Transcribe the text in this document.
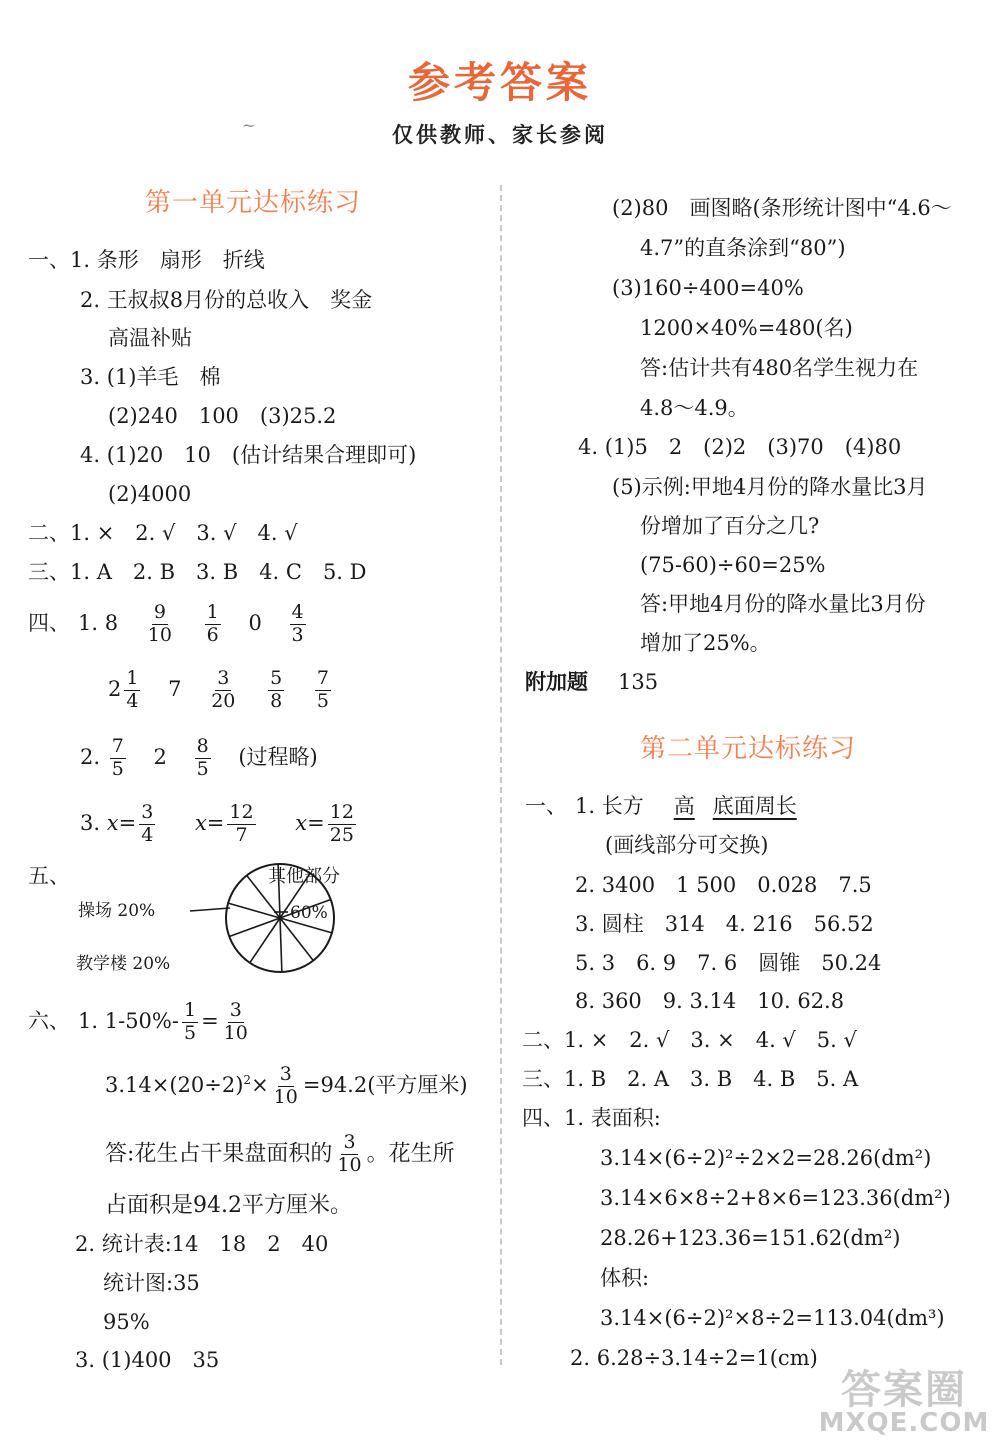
参考答案
仅供教师、家长参阅
~
第一单元达标练习
一、1. 条形　扇形　折线
2. 王叔叔8月份的总收入　奖金
高温补贴
3. (1)羊毛　棉
(2)240　100　(3)25.2
4. (1)20　10　(估计结果合理即可)
(2)4000
二、1. ×　2. √　3. √　4. √
三、1. A　2. B　3. B　4. C　5. D
四、 1. $8 \frac{9}{10}$
$\frac{1}{6} 0 \frac{4}{3}$
$2 \frac{1}{4} 7 \frac{3}{20}$
$\frac{5}{8}$
$\frac{7}{5}$
2. $\frac{7}{5} 2 \frac{8}{5}$ (过程略)
3. $x= \frac{3}{4} x= \frac{12}{7} x= \frac{12}{25}$
五、	其他部分
操场 20%	60%
教学楼 20%
六、 1. $1-50\%- \frac{1}{5} = \frac{3}{10}$
$3.14\times(20\div 2)^2\times \frac{3}{10} =94.2$(平方厘米)
答:花生占干果盘面积的 $\frac{3}{10}$ 。花生所
占面积是94.2平方厘米。
2. 统计表:14　18　2　40
统计图:35
95%
3. (1)400　35
(2)80　画图略(条形统计图中“4.6～
4.7”的直条涂到“80”)
(3)160÷400=40%
1200×40%=480(名)
答:估计共有480名学生视力在
4.8～4.9。
4. (1)5　2　(2)2　(3)70　(4)80
(5)示例:甲地4月份的降水量比3月
份增加了百分之几?
(75-60)÷60=25%
答:甲地4月份的降水量比3月份
增加了25%。
附加题 135
第二单元达标练习
一、 1. 长方 高 底面周长
(画线部分可交换)
2. 3400　1 500　0.028　7.5
3. 圆柱　314　4. 216　56.52
5. 3　6. 9　7. 6　圆锥　50.24
8. 360　9. 3.14　10. 62.8
二、1. ×　2. √　3. ×　4. √　5. √
三、1. B　2. A　3. B　4. B　5. A
四、1. 表面积:
3.14×(6÷2)²÷2×2=28.26(dm²)
3.14×6×8÷2+8×6=123.36(dm²)
28.26+123.36=151.62(dm²)
体积:
3.14×(6÷2)²×8÷2=113.04(dm³)
2. 6.28÷3.14÷2=1(cm)
答案圈
MXQE.COM
